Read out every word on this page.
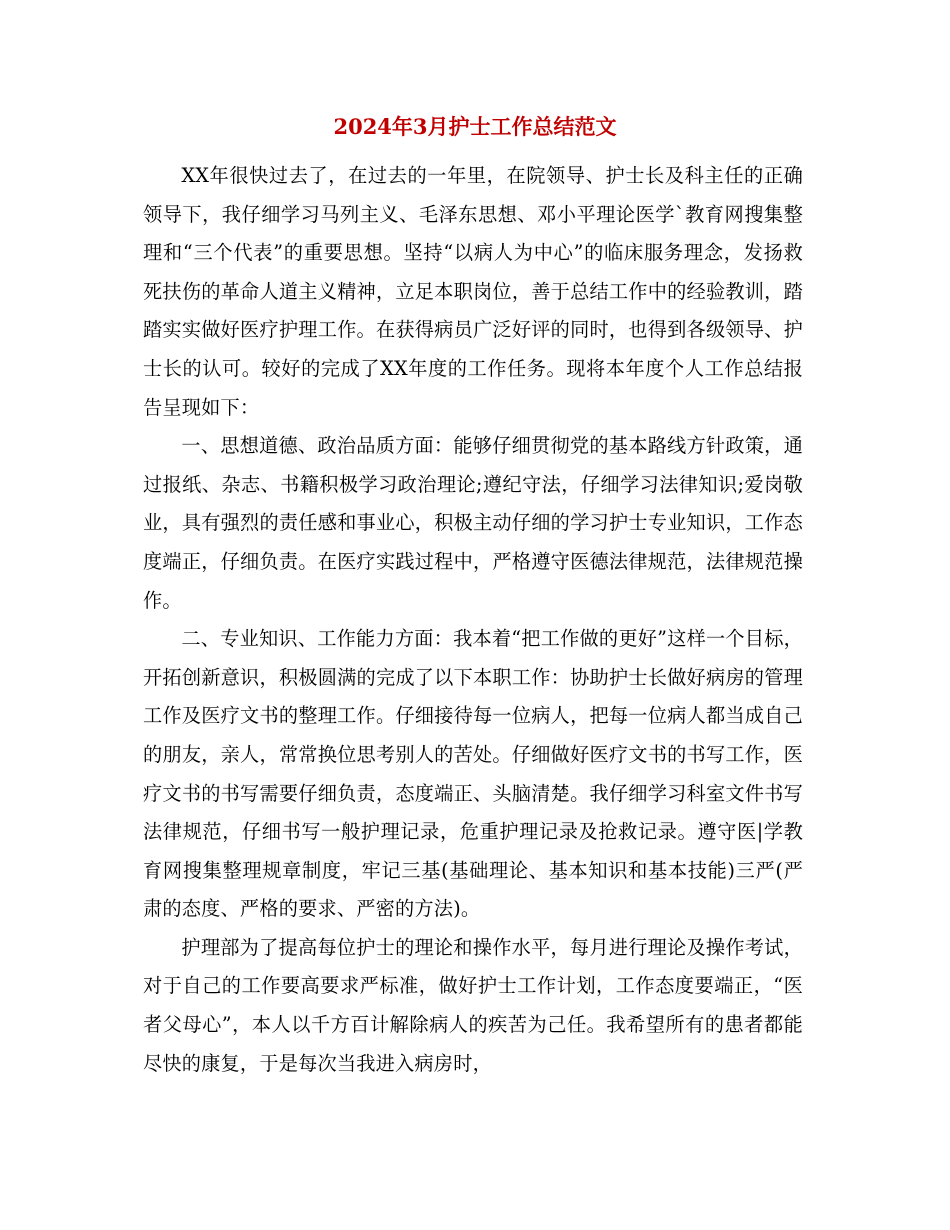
2024年3月护士工作总结范文

XX年很快过去了，在过去的一年里，在院领导、护士长及科主任的正确领导下，我仔细学习马列主义、毛泽东思想、邓小平理论医学`教育网搜集整理和“三个代表”的重要思想。坚持“以病人为中心”的临床服务理念，发扬救死扶伤的革命人道主义精神，立足本职岗位，善于总结工作中的经验教训，踏踏实实做好医疗护理工作。在获得病员广泛好评的同时，也得到各级领导、护士长的认可。较好的完成了XX年度的工作任务。现将本年度个人工作总结报告呈现如下：

一、思想道德、政治品质方面：能够仔细贯彻党的基本路线方针政策，通过报纸、杂志、书籍积极学习政治理论;遵纪守法，仔细学习法律知识;爱岗敬业，具有强烈的责任感和事业心，积极主动仔细的学习护士专业知识，工作态度端正，仔细负责。在医疗实践过程中，严格遵守医德法律规范，法律规范操作。

二、专业知识、工作能力方面：我本着“把工作做的更好”这样一个目标，开拓创新意识，积极圆满的完成了以下本职工作：协助护士长做好病房的管理工作及医疗文书的整理工作。仔细接待每一位病人，把每一位病人都当成自己的朋友，亲人，常常换位思考别人的苦处。仔细做好医疗文书的书写工作，医疗文书的书写需要仔细负责，态度端正、头脑清楚。我仔细学习科室文件书写法律规范，仔细书写一般护理记录，危重护理记录及抢救记录。遵守医|学教育网搜集整理规章制度，牢记三基(基础理论、基本知识和基本技能)三严(严肃的态度、严格的要求、严密的方法)。

护理部为了提高每位护士的理论和操作水平，每月进行理论及操作考试，对于自己的工作要高要求严标准，做好护士工作计划，工作态度要端正，“医者父母心”，本人以千方百计解除病人的疾苦为己任。我希望所有的患者都能尽快的康复，于是每次当我进入病房时，
